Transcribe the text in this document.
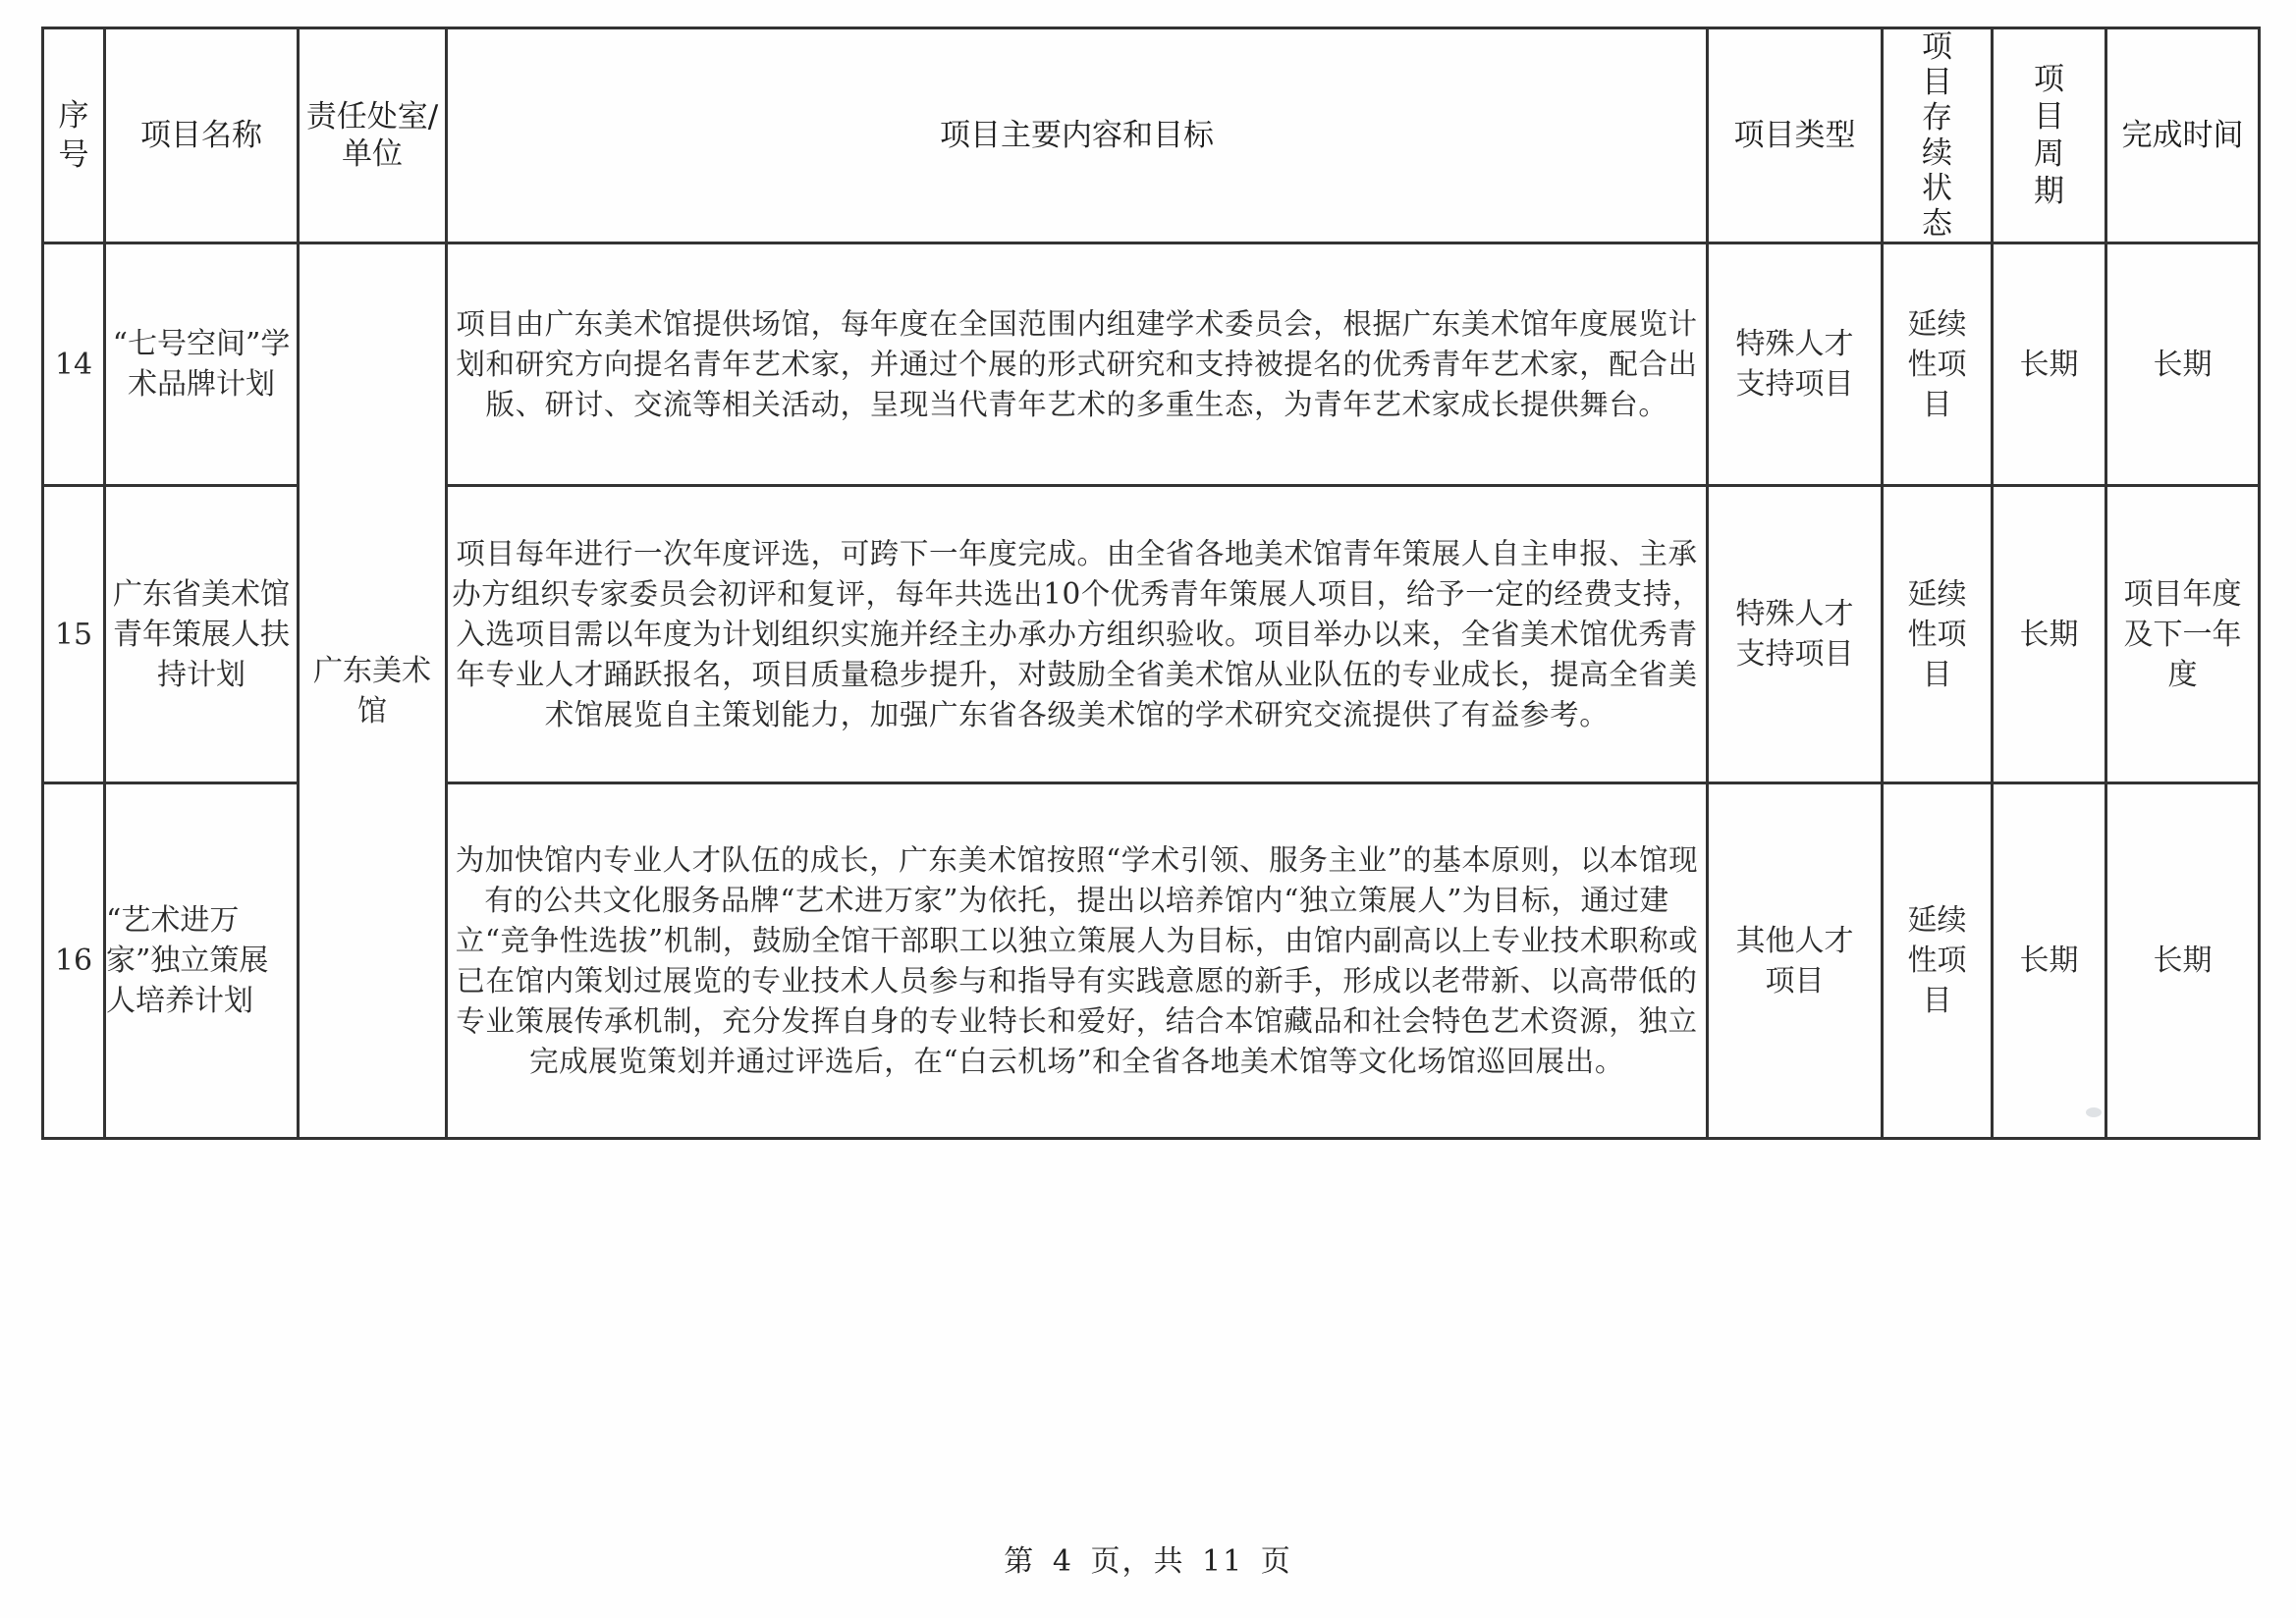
序号	项目名称	责任处室/单位	项目主要内容和目标	项目类型	项目存续状态	项目周期	完成时间
14	“七号空间”学术品牌计划	广东美术馆	项目由广东美术馆提供场馆，每年度在全国范围内组建学术委员会，根据广东美术馆年度展览计划和研究方向提名青年艺术家，并通过个展的形式研究和支持被提名的优秀青年艺术家，配合出版、研讨、交流等相关活动，呈现当代青年艺术的多重生态，为青年艺术家成长提供舞台。	特殊人才支持项目	延续性项目	长期	长期
15	广东省美术馆青年策展人扶持计划		项目每年进行一次年度评选，可跨下一年度完成。由全省各地美术馆青年策展人自主申报、主承办方组织专家委员会初评和复评，每年共选出10个优秀青年策展人项目，给予一定的经费支持，入选项目需以年度为计划组织实施并经主办承办方组织验收。项目举办以来，全省美术馆优秀青年专业人才踊跃报名，项目质量稳步提升，对鼓励全省美术馆从业队伍的专业成长，提高全省美术馆展览自主策划能力，加强广东省各级美术馆的学术研究交流提供了有益参考。	特殊人才支持项目	延续性项目	长期	项目年度及下一年度
16	“艺术进万家”独立策展人培养计划		为加快馆内专业人才队伍的成长，广东美术馆按照“学术引领、服务主业”的基本原则，以本馆现有的公共文化服务品牌“艺术进万家”为依托，提出以培养馆内“独立策展人”为目标，通过建立“竞争性选拔”机制，鼓励全馆干部职工以独立策展人为目标，由馆内副高以上专业技术职称或已在馆内策划过展览的专业技术人员参与和指导有实践意愿的新手，形成以老带新、以高带低的专业策展传承机制，充分发挥自身的专业特长和爱好，结合本馆藏品和社会特色艺术资源，独立完成展览策划并通过评选后，在“白云机场”和全省各地美术馆等文化场馆巡回展出。	其他人才项目	延续性项目	长期	长期
第 4 页，共 11 页
